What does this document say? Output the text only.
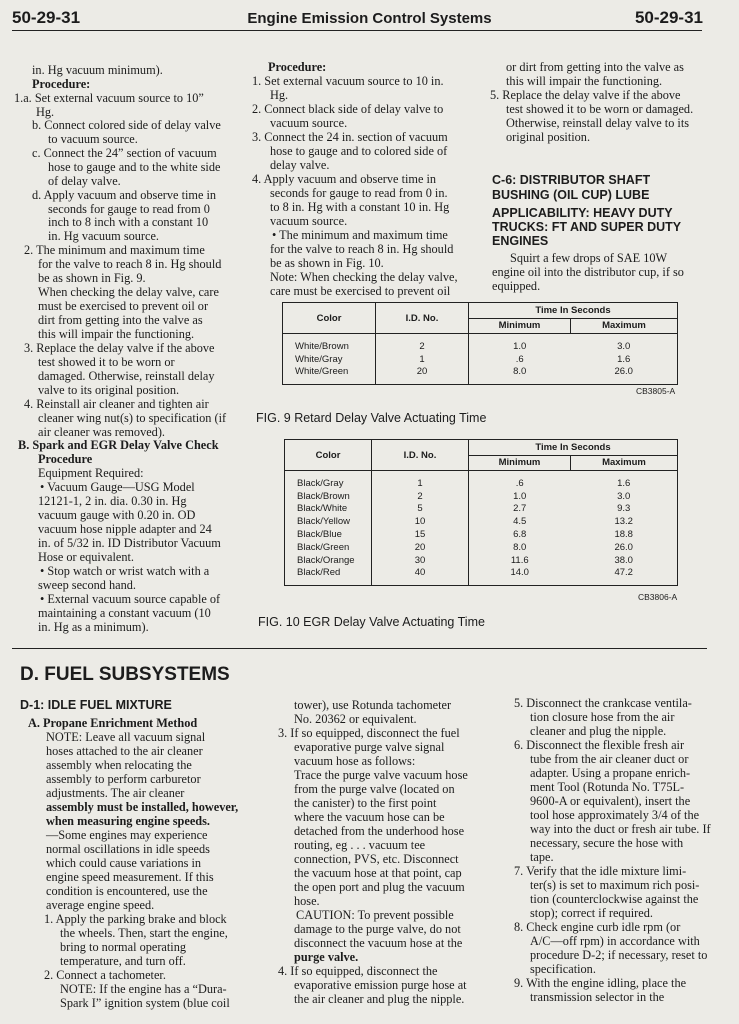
50-29-31	Engine Emission Control Systems	50-29-31
in. Hg vacuum minimum).
Procedure:
1.a. Set external vacuum source to 10”
Hg.
b. Connect colored side of delay valve
to vacuum source.
c. Connect the 24” section of vacuum
hose to gauge and to the white side
of delay valve.
d. Apply vacuum and observe time in
seconds for gauge to read from 0
inch to 8 inch with a constant 10
in. Hg vacuum source.
2. The minimum and maximum time
for the valve to reach 8 in. Hg should
be as shown in Fig. 9.
When checking the delay valve, care
must be exercised to prevent oil or
dirt from getting into the valve as
this will impair the functioning.
3. Replace the delay valve if the above
test showed it to be worn or
damaged. Otherwise, reinstall delay
valve to its original position.
4. Reinstall air cleaner and tighten air
cleaner wing nut(s) to specification (if
air cleaner was removed).
B. Spark and EGR Delay Valve Check
Procedure
Equipment Required:
• Vacuum Gauge—USG Model
12121-1, 2 in. dia. 0.30 in. Hg
vacuum gauge with 0.20 in. OD
vacuum hose nipple adapter and 24
in. of 5/32 in. ID Distributor Vacuum
Hose or equivalent.
• Stop watch or wrist watch with a
sweep second hand.
• External vacuum source capable of
maintaining a constant vacuum (10
in. Hg as a minimum).
Procedure:
1. Set external vacuum source to 10 in.
Hg.
2. Connect black side of delay valve to
vacuum source.
3. Connect the 24 in. section of vacuum
hose to gauge and to colored side of
delay valve.
4. Apply vacuum and observe time in
seconds for gauge to read from 0 in.
to 8 in. Hg with a constant 10 in. Hg
vacuum source.
• The minimum and maximum time
for the valve to reach 8 in. Hg should
be as shown in Fig. 10.
Note: When checking the delay valve,
care must be exercised to prevent oil
or dirt from getting into the valve as
this will impair the functioning.
5. Replace the delay valve if the above
test showed it to be worn or damaged.
Otherwise, reinstall delay valve to its
original position.
C-6: DISTRIBUTOR SHAFT
BUSHING (OIL CUP) LUBE
APPLICABILITY: HEAVY DUTY
TRUCKS: FT AND SUPER DUTY
ENGINES
Squirt a few drops of SAE 10W
engine oil into the distributor cup, if so
equipped.
Color	I.D. No.	Time In Seconds	
		Minimum	Maximum
White/Brown	2	1.0	3.0
White/Gray	1	.6	1.6
White/Green	20	8.0	26.0
CB3805-A
FIG. 9 Retard Delay Valve Actuating Time
Color	I.D. No.	Time In Seconds	
		Minimum	Maximum
Black/Gray	1	.6	1.6
Black/Brown	2	1.0	3.0
Black/White	5	2.7	9.3
Black/Yellow	10	4.5	13.2
Black/Blue	15	6.8	18.8
Black/Green	20	8.0	26.0
Black/Orange	30	11.6	38.0
Black/Red	40	14.0	47.2
CB3806-A
FIG. 10 EGR Delay Valve Actuating Time
D. FUEL SUBSYSTEMS
D-1: IDLE FUEL MIXTURE
A. Propane Enrichment Method
NOTE: Leave all vacuum signal
hoses attached to the air cleaner
assembly when relocating the
assembly to perform carburetor
adjustments. The air cleaner
assembly must be installed, however,
when measuring engine speeds.
—Some engines may experience
normal oscillations in idle speeds
which could cause variations in
engine speed measurement. If this
condition is encountered, use the
average engine speed.
1. Apply the parking brake and block
the wheels. Then, start the engine,
bring to normal operating
temperature, and turn off.
2. Connect a tachometer.
NOTE: If the engine has a “Dura-
Spark I” ignition system (blue coil
tower), use Rotunda tachometer
No. 20362 or equivalent.
3. If so equipped, disconnect the fuel
evaporative purge valve signal
vacuum hose as follows:
Trace the purge valve vacuum hose
from the purge valve (located on
the canister) to the first point
where the vacuum hose can be
detached from the underhood hose
routing, eg . . . vacuum tee
connection, PVS, etc. Disconnect
the vacuum hose at that point, cap
the open port and plug the vacuum
hose.
CAUTION: To prevent possible
damage to the purge valve, do not
disconnect the vacuum hose at the
purge valve.
4. If so equipped, disconnect the
evaporative emission purge hose at
the air cleaner and plug the nipple.
5. Disconnect the crankcase ventila-
tion closure hose from the air
cleaner and plug the nipple.
6. Disconnect the flexible fresh air
tube from the air cleaner duct or
adapter. Using a propane enrich-
ment Tool (Rotunda No. T75L-
9600-A or equivalent), insert the
tool hose approximately 3/4 of the
way into the duct or fresh air tube. If
necessary, secure the hose with
tape.
7. Verify that the idle mixture limi-
ter(s) is set to maximum rich posi-
tion (counterclockwise against the
stop); correct if required.
8. Check engine curb idle rpm (or
A/C—off rpm) in accordance with
procedure D-2; if necessary, reset to
specification.
9. With the engine idling, place the
transmission selector in the
